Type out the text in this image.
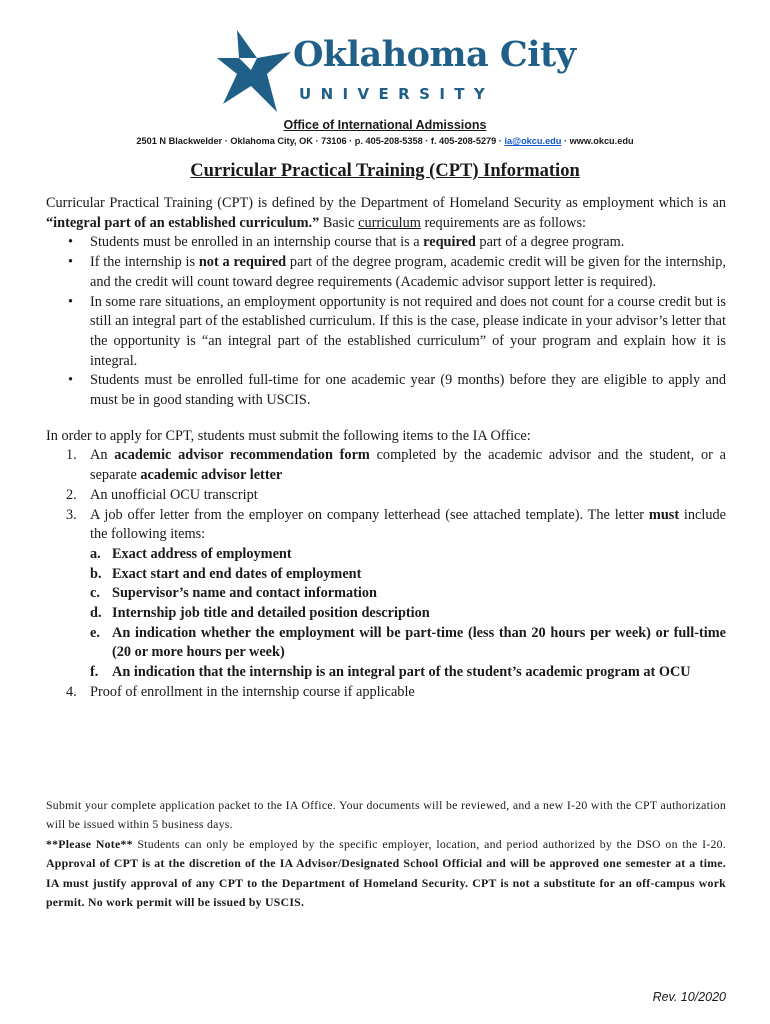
Oklahoma City
UNIVERSITY
Office of International Admissions
2501 N Blackwelder · Oklahoma City, OK · 73106 · p. 405-208-5358 · f. 405-208-5279 · ia@okcu.edu · www.okcu.edu
Curricular Practical Training (CPT) Information

Curricular Practical Training (CPT) is defined by the Department of Homeland Security as employment which is an “integral part of an established curriculum.” Basic curriculum requirements are as follows:

• Students must be enrolled in an internship course that is a required part of a degree program.
• If the internship is not a required part of the degree program, academic credit will be given for the internship, and the credit will count toward degree requirements (Academic advisor support letter is required).
• In some rare situations, an employment opportunity is not required and does not count for a course credit but is still an integral part of the established curriculum. If this is the case, please indicate in your advisor’s letter that the opportunity is “an integral part of the established curriculum” of your program and explain how it is integral.
• Students must be enrolled full-time for one academic year (9 months) before they are eligible to apply and must be in good standing with USCIS.

In order to apply for CPT, students must submit the following items to the IA Office:

1. An academic advisor recommendation form completed by the academic advisor and the student, or a separate academic advisor letter
2. An unofficial OCU transcript
3. A job offer letter from the employer on company letterhead (see attached template). The letter must include the following items:
a. Exact address of employment
b. Exact start and end dates of employment
c. Supervisor’s name and contact information
d. Internship job title and detailed position description
e. An indication whether the employment will be part-time (less than 20 hours per week) or full-time (20 or more hours per week)
f. An indication that the internship is an integral part of the student’s academic program at OCU
4. Proof of enrollment in the internship course if applicable

Submit your complete application packet to the IA Office. Your documents will be reviewed, and a new I-20 with the CPT authorization will be issued within 5 business days.

**Please Note** Students can only be employed by the specific employer, location, and period authorized by the DSO on the I-20. Approval of CPT is at the discretion of the IA Advisor/Designated School Official and will be approved one semester at a time. IA must justify approval of any CPT to the Department of Homeland Security. CPT is not a substitute for an off-campus work permit. No work permit will be issued by USCIS.

Rev. 10/2020
